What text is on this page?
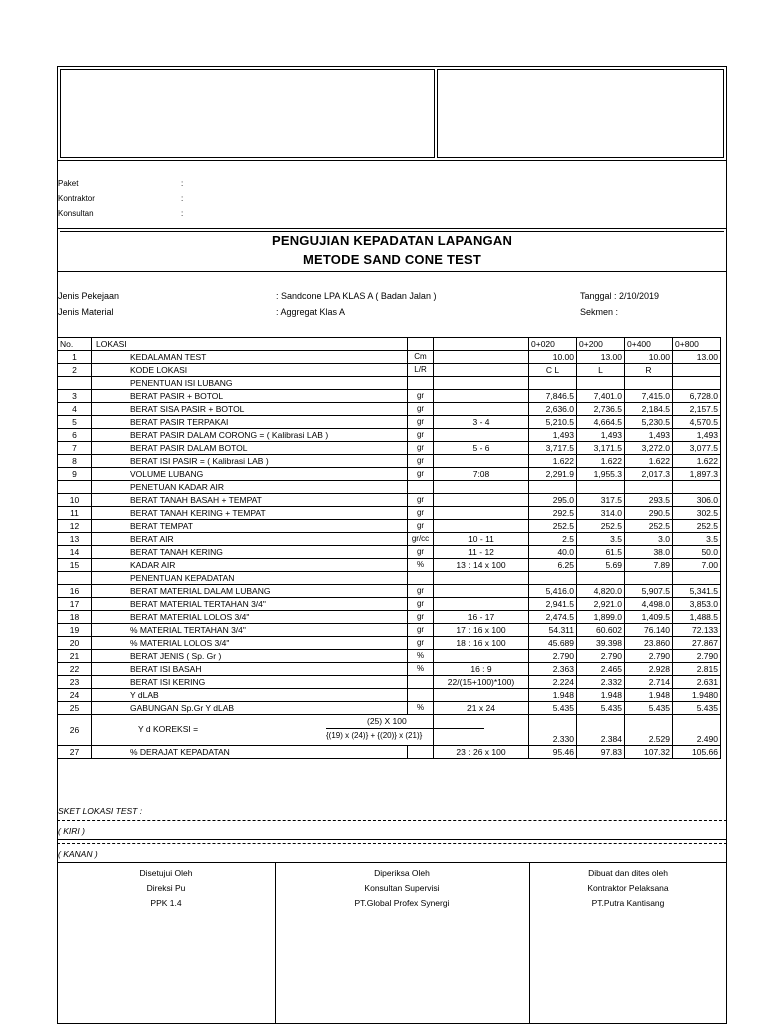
Paket	:
Kontraktor	:
Konsultan	:
PENGUJIAN KEPADATAN LAPANGAN
METODE SAND CONE TEST
Jenis Pekejaan	: Sandcone LPA KLAS A ( Badan Jalan )	Tanggal : 2/10/2019
Jenis Material	: Aggregat Klas A	Sekmen :
No.	LOKASI			0+020	0+200	0+400	0+800
1	KEDALAMAN TEST	Cm		10.00	13.00	10.00	13.00
2	KODE LOKASI	L/R		C L	L	R	
	PENENTUAN ISI LUBANG						
3	BERAT PASIR + BOTOL	gr		7,846.5	7,401.0	7,415.0	6,728.0
4	BERAT SISA PASIR + BOTOL	gr		2,636.0	2,736.5	2,184.5	2,157.5
5	BERAT PASIR TERPAKAI	gr	3 - 4	5,210.5	4,664.5	5,230.5	4,570.5
6	BERAT PASIR DALAM CORONG = ( Kalibrasi LAB )	gr		1,493	1,493	1,493	1,493
7	BERAT PASIR DALAM BOTOL	gr	5 - 6	3,717.5	3,171.5	3,272.0	3,077.5
8	BERAT ISI PASIR = ( Kalibrasi LAB )	gr		1.622	1.622	1.622	1.622
9	VOLUME LUBANG	gr	7:08	2,291.9	1,955.3	2,017.3	1,897.3
	PENETUAN KADAR AIR						
10	BERAT TANAH BASAH + TEMPAT	gr		295.0	317.5	293.5	306.0
11	BERAT TANAH KERING + TEMPAT	gr		292.5	314.0	290.5	302.5
12	BERAT TEMPAT	gr		252.5	252.5	252.5	252.5
13	BERAT AIR	gr/cc	10 - 11	2.5	3.5	3.0	3.5
14	BERAT TANAH KERING	gr	11 - 12	40.0	61.5	38.0	50.0
15	KADAR AIR	%	13 : 14 x 100	6.25	5.69	7.89	7.00
	PENENTUAN KEPADATAN						
16	BERAT MATERIAL DALAM LUBANG	gr		5,416.0	4,820.0	5,907.5	5,341.5
17	BERAT MATERIAL TERTAHAN 3/4"	gr		2,941.5	2,921.0	4,498.0	3,853.0
18	BERAT MATERIAL LOLOS 3/4"	gr	16 - 17	2,474.5	1,899.0	1,409.5	1,488.5
19	% MATERIAL TERTAHAN 3/4"	gr	17 : 16 x 100	54.311	60.602	76.140	72.133
20	% MATERIAL LOLOS 3/4"	gr	18 : 16 x 100	45.689	39.398	23.860	27.867
21	BERAT JENIS ( Sp. Gr )	%		2.790	2.790	2.790	2.790
22	BERAT ISI BASAH	%	16 : 9	2.363	2.465	2.928	2.815
23	BERAT ISI KERING		22/(15+100)*100)	2.224	2.332	2.714	2.631
24	Y dLAB			1.948	1.948	1.948	1.9480
25	GABUNGAN Sp.Gr Y dLAB	%	21 x 24	5.435	5.435	5.435	5.435
26	Y d KOREKSI =
(25) X 100
{(19) x (24)} + {(20)} x (21)}			2.330	2.384	2.529	2.490
27	% DERAJAT KEPADATAN		23 : 26 x 100	95.46	97.83	107.32	105.66
SKET LOKASI TEST :
( KIRI )
( KANAN )
Disetujui Oleh
Direksi Pu
PPK 1.4
Diperiksa Oleh
Konsultan Supervisi
PT.Global Profex Synergi
Dibuat dan dites oleh
Kontraktor Pelaksana
PT.Putra Kantisang
